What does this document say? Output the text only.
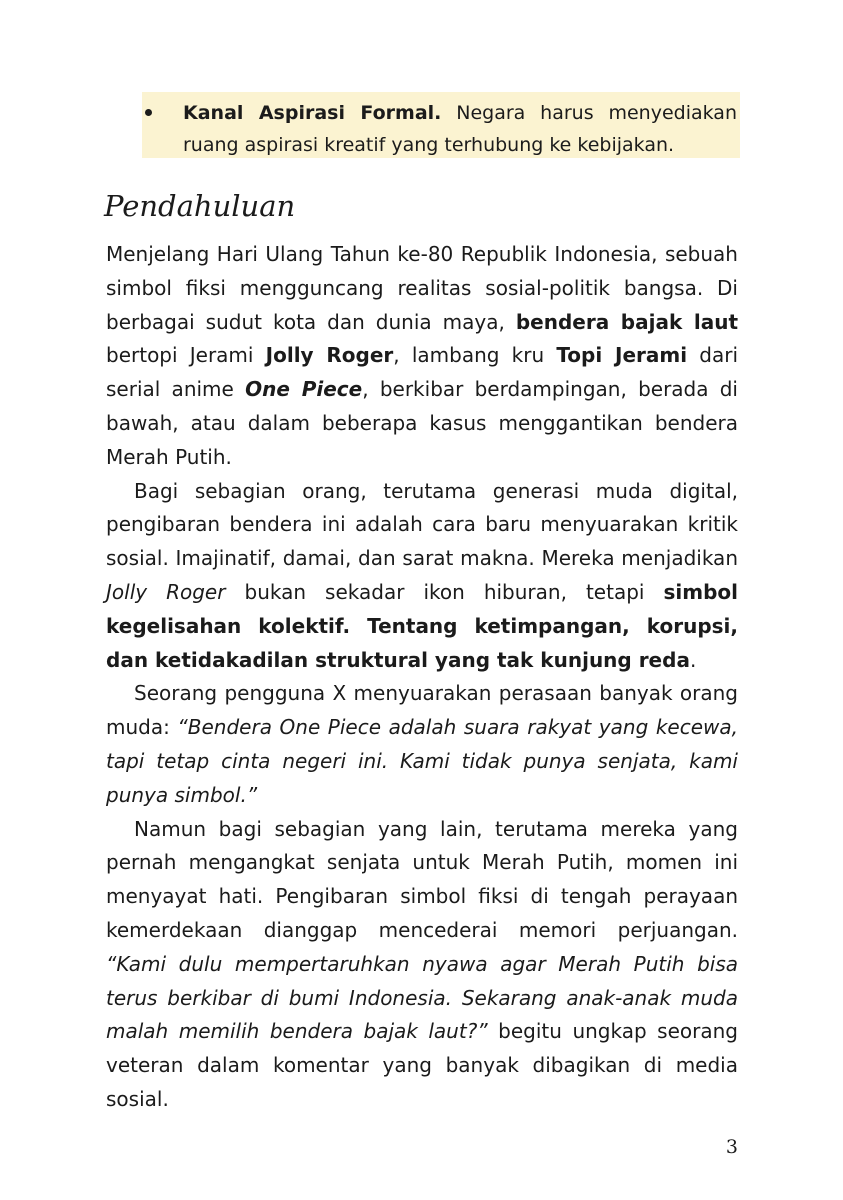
Kanal Aspirasi Formal. Negara harus menyediakan ruang aspirasi kreatif yang terhubung ke kebijakan.

Pendahuluan

Menjelang Hari Ulang Tahun ke-80 Republik Indonesia, sebuah simbol fiksi mengguncang realitas sosial-politik bangsa. Di berbagai sudut kota dan dunia maya, bendera bajak laut bertopi Jerami Jolly Roger, lambang kru Topi Jerami dari serial anime One Piece, berkibar berdampingan, berada di bawah, atau dalam beberapa kasus menggantikan bendera Merah Putih.

Bagi sebagian orang, terutama generasi muda digital, pengibaran bendera ini adalah cara baru menyuarakan kritik sosial. Imajinatif, damai, dan sarat makna. Mereka menjadikan Jolly Roger bukan sekadar ikon hiburan, tetapi simbol kegelisahan kolektif. Tentang ketimpangan, korupsi, dan ketidakadilan struktural yang tak kunjung reda.

Seorang pengguna X menyuarakan perasaan banyak orang muda: “Bendera One Piece adalah suara rakyat yang kecewa, tapi tetap cinta negeri ini. Kami tidak punya senjata, kami punya simbol.”

Namun bagi sebagian yang lain, terutama mereka yang pernah mengangkat senjata untuk Merah Putih, momen ini menyayat hati. Pengibaran simbol fiksi di tengah perayaan kemerdekaan dianggap mencederai memori perjuangan. “Kami dulu mempertaruhkan nyawa agar Merah Putih bisa terus berkibar di bumi Indonesia. Sekarang anak-anak muda malah memilih bendera bajak laut?” begitu ungkap seorang veteran dalam komentar yang banyak dibagikan di media sosial.

3
